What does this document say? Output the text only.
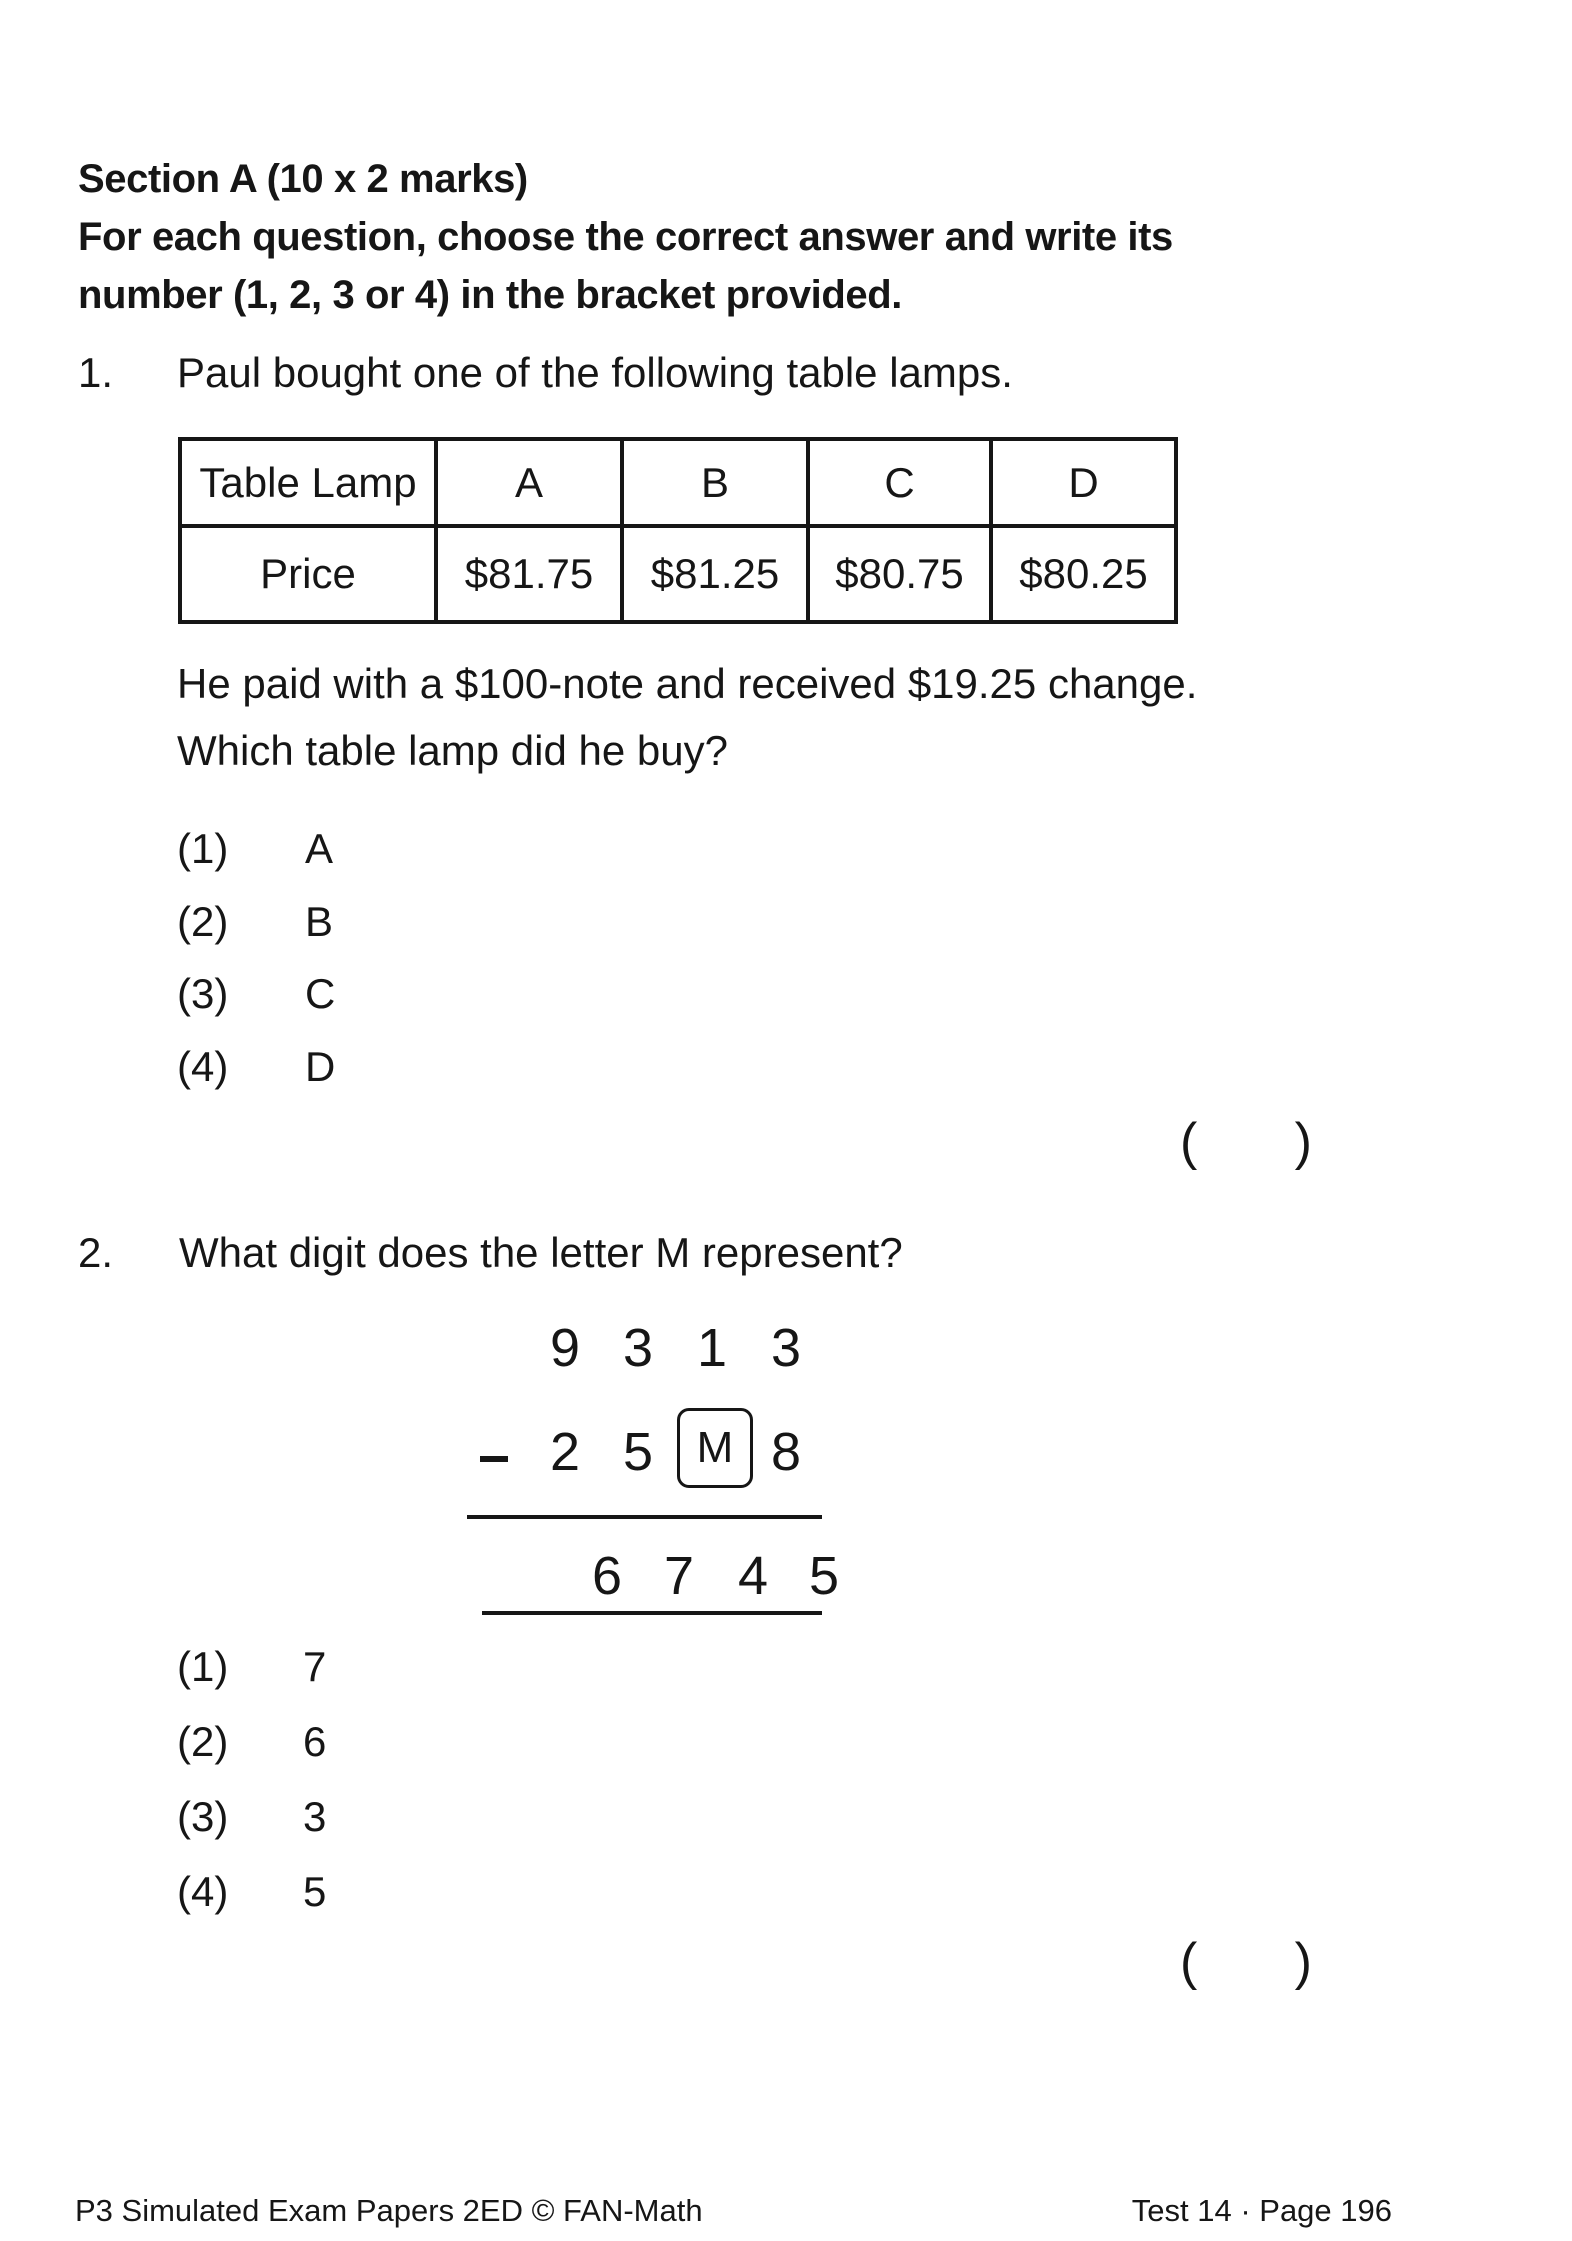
Section A (10 x 2 marks)
For each question, choose the correct answer and write its
number (1, 2, 3 or 4) in the bracket provided.
1. Paul bought one of the following table lamps.
Table Lamp	A	B	C	D
Price	$81.75	$81.25	$80.75	$80.25
He paid with a $100-note and received $19.25 change.
Which table lamp did he buy?
(1) A
(2) B
(3) C
(4) D
( )
2. What digit does the letter M represent?
9 3 1 3
2 5 M 8
6 7 4 5
(1) 7
(2) 6
(3) 3
(4) 5
( )
P3 Simulated Exam Papers 2ED © FAN-Math	Test 14 · Page 196
